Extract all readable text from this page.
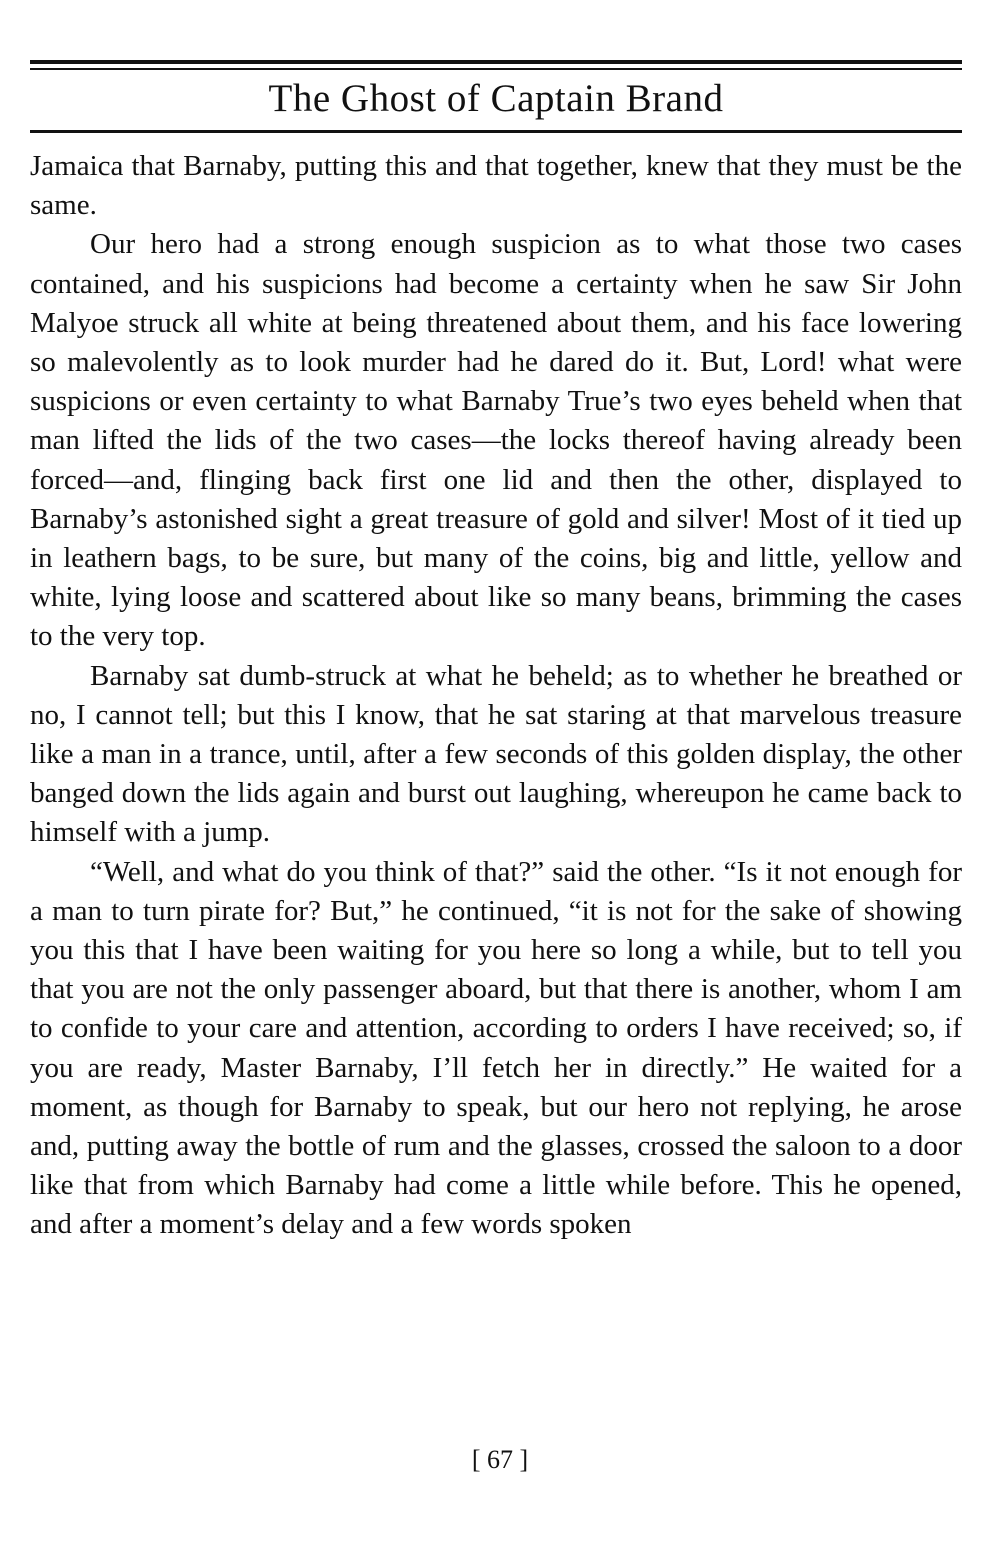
The Ghost of Captain Brand

Jamaica that Barnaby, putting this and that together, knew that they must be the same.

Our hero had a strong enough suspicion as to what those two cases contained, and his suspicions had become a certainty when he saw Sir John Malyoe struck all white at being threatened about them, and his face lowering so malevolently as to look murder had he dared do it. But, Lord! what were suspicions or even certainty to what Barnaby True’s two eyes beheld when that man lifted the lids of the two cases—the locks thereof having already been forced—and, flinging back first one lid and then the other, displayed to Barnaby’s astonished sight a great treasure of gold and silver! Most of it tied up in leathern bags, to be sure, but many of the coins, big and little, yellow and white, lying loose and scattered about like so many beans, brimming the cases to the very top.

Barnaby sat dumb-struck at what he beheld; as to whether he breathed or no, I cannot tell; but this I know, that he sat staring at that marvelous treasure like a man in a trance, until, after a few seconds of this golden display, the other banged down the lids again and burst out laughing, whereupon he came back to himself with a jump.

“Well, and what do you think of that?” said the other. “Is it not enough for a man to turn pirate for? But,” he continued, “it is not for the sake of showing you this that I have been waiting for you here so long a while, but to tell you that you are not the only passenger aboard, but that there is another, whom I am to confide to your care and attention, according to orders I have received; so, if you are ready, Master Barnaby, I’ll fetch her in directly.” He waited for a moment, as though for Barnaby to speak, but our hero not replying, he arose and, putting away the bottle of rum and the glasses, crossed the saloon to a door like that from which Barnaby had come a little while before. This he opened, and after a moment’s delay and a few words spoken

[ 67 ]
